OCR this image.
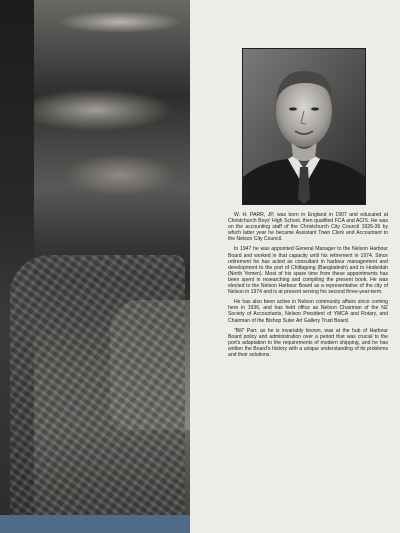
W. H. PARR, JP, was born in England in 1907 and educated at Christchurch Boys' High School, then qualified FCA and ACIS. He was on the accounting staff of the Christchurch City Council 1926-36 by which latter year he became Assistant Town Clerk and Accountant to the Nelson City Council.

In 1947 he was appointed General Manager to the Nelson Harbour Board and worked in that capacity until his retirement in 1974. Since retirement he has acted as consultant in harbour management and development to the port of Chittagong (Bangladesh) and to Hodeidah (North Yemen). Most of his spare time from these appointments has been spent in researching and compiling the present book. He was elected to the Nelson Harbour Board as a representative of the city of Nelson in 1974 and is at present serving his second three-year-term.

He has also been active in Nelson community affairs since coming here in 1936, and has held office as Nelson Chairman of the NZ Society of Accountants, Nelson President of YMCA and Rotary, and Chairman of the Bishop Suter Art Gallery Trust Board.

"Bill" Parr, as he is invariably known, was at the hub of Harbour Board policy and administration over a period that was crucial to the port's adaptation to the requirements of modern shipping, and he has written the Board's history with a unique understanding of its problems and their solutions.
